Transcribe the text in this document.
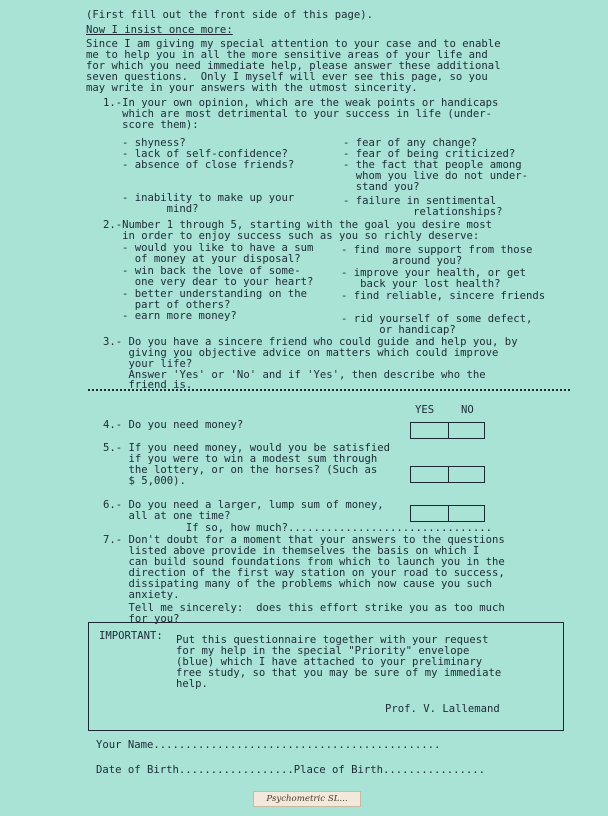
(First fill out the front side of this page).
Now I insist once more:
Since I am giving my special attention to your case and to enable
me to help you in all the more sensitive areas of your life and
for which you need immediate help, please answer these additional
seven questions.  Only I myself will ever see this page, so you
may write in your answers with the utmost sincerity.
1.-In your own opinion, which are the weak points or handicaps
which are most detrimental to your success in life (under-
score them):
- shyness?
- lack of self-confidence?
- absence of close friends?
- inability to make up your
mind?
- fear of any change?
- fear of being criticized?
- the fact that people among
whom you live do not under-
stand you?
- failure in sentimental
relationships?
2.-Number 1 through 5, starting with the goal you desire most
in order to enjoy success such as you so richly deserve:
- would you like to have a sum
of money at your disposal?
- win back the love of some-
one very dear to your heart?
- better understanding on the
part of others?
- earn more money?
- find more support from those
around you?
- improve your health, or get
back your lost health?
- find reliable, sincere friends
- rid yourself of some defect,
or handicap?
3.- Do you have a sincere friend who could guide and help you, by
giving you objective advice on matters which could improve
your life?
Answer 'Yes' or 'No' and if 'Yes', then describe who the
friend is.
YES	NO
4.- Do you need money?
5.- If you need money, would you be satisfied
if you were to win a modest sum through
the lottery, or on the horses? (Such as
$ 5,000).
6.- Do you need a larger, lump sum of money,
all at one time?
If so, how much?................................
7.- Don't doubt for a moment that your answers to the questions
listed above provide in themselves the basis on which I
can build sound foundations from which to launch you in the
direction of the first way station on your road to success,
dissipating many of the problems which now cause you such
anxiety.
Tell me sincerely:  does this effort strike you as too much
for you?
IMPORTANT: Put this questionnaire together with your request
for my help in the special "Priority" envelope
(blue) which I have attached to your preliminary
free study, so that you may be sure of my immediate
help.
Prof. V. Lallemand
Your Name.............................................
Date of Birth..................Place of Birth................
Psychometric SL...
